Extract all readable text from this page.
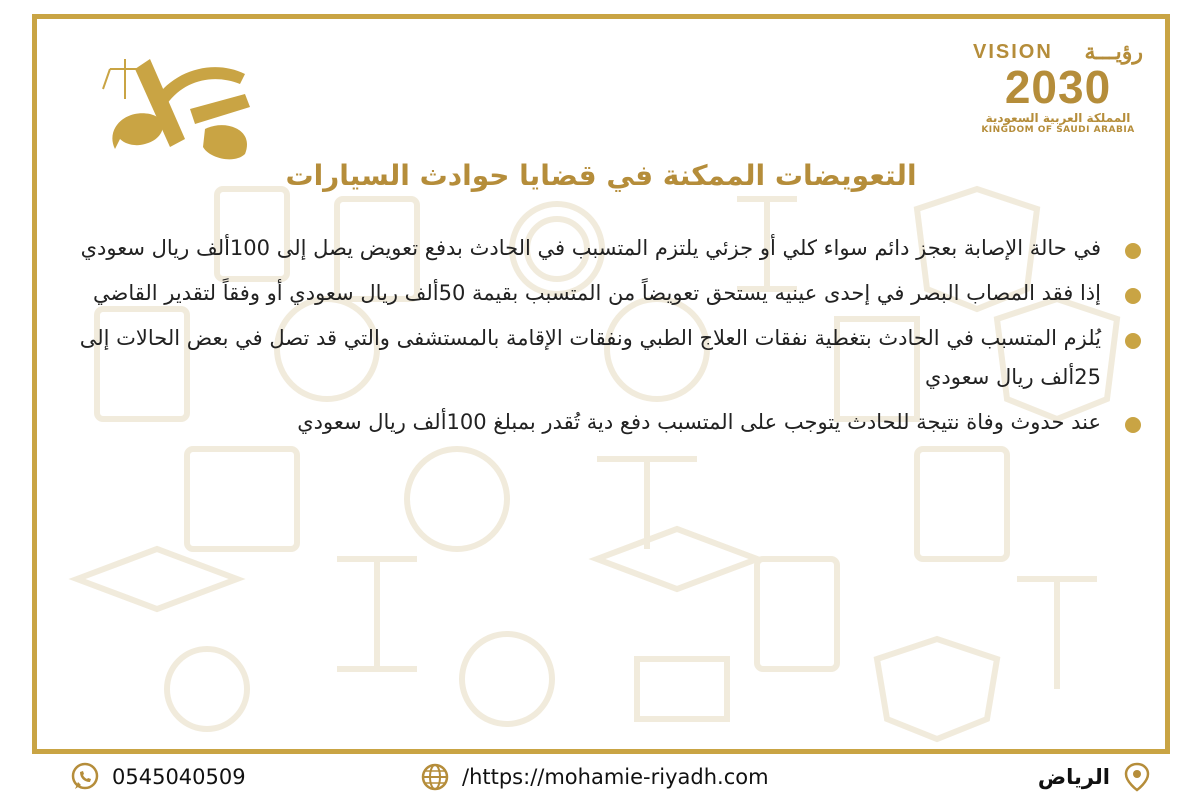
VISION رؤيـــة
2030
المملكة العربية السعودية
KINGDOM OF SAUDI ARABIA
التعويضات الممكنة في قضايا حوادث السيارات
في حالة الإصابة بعجز دائم سواء كلي أو جزئي يلتزم المتسبب في الحادث بدفع تعويض يصل إلى 100ألف ريال سعودي
إذا فقد المصاب البصر في إحدى عينيه يستحق تعويضاً من المتسبب بقيمة 50ألف ريال سعودي أو وفقاً لتقدير القاضي
يُلزم المتسبب في الحادث بتغطية نفقات العلاج الطبي ونفقات الإقامة بالمستشفى والتي قد تصل في بعض الحالات إلى 25ألف ريال سعودي
عند حدوث وفاة نتيجة للحادث يتوجب على المتسبب دفع دية تُقدر بمبلغ 100ألف ريال سعودي
0545040509	/https://mohamie-riyadh.com	الرياض
